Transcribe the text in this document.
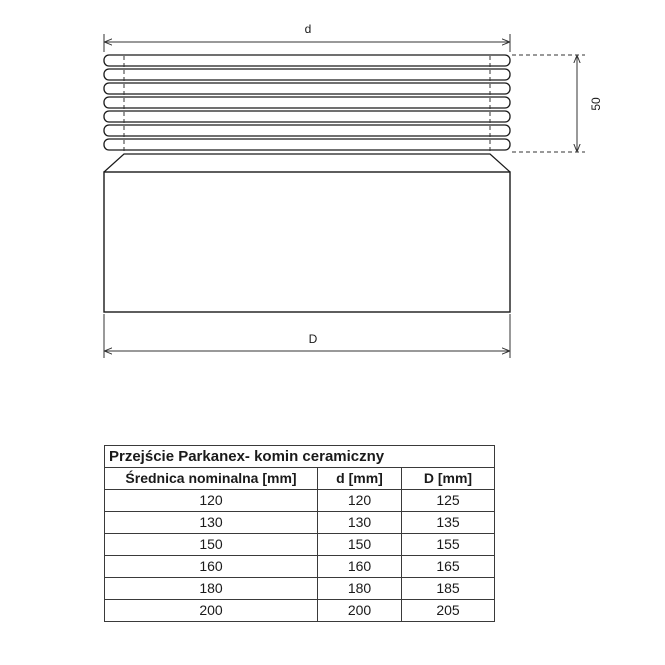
d
50
D
Przejście Parkanex- komin ceramiczny		
Średnica nominalna [mm]	d [mm]	D [mm]
120	120	125
130	130	135
150	150	155
160	160	165
180	180	185
200	200	205
